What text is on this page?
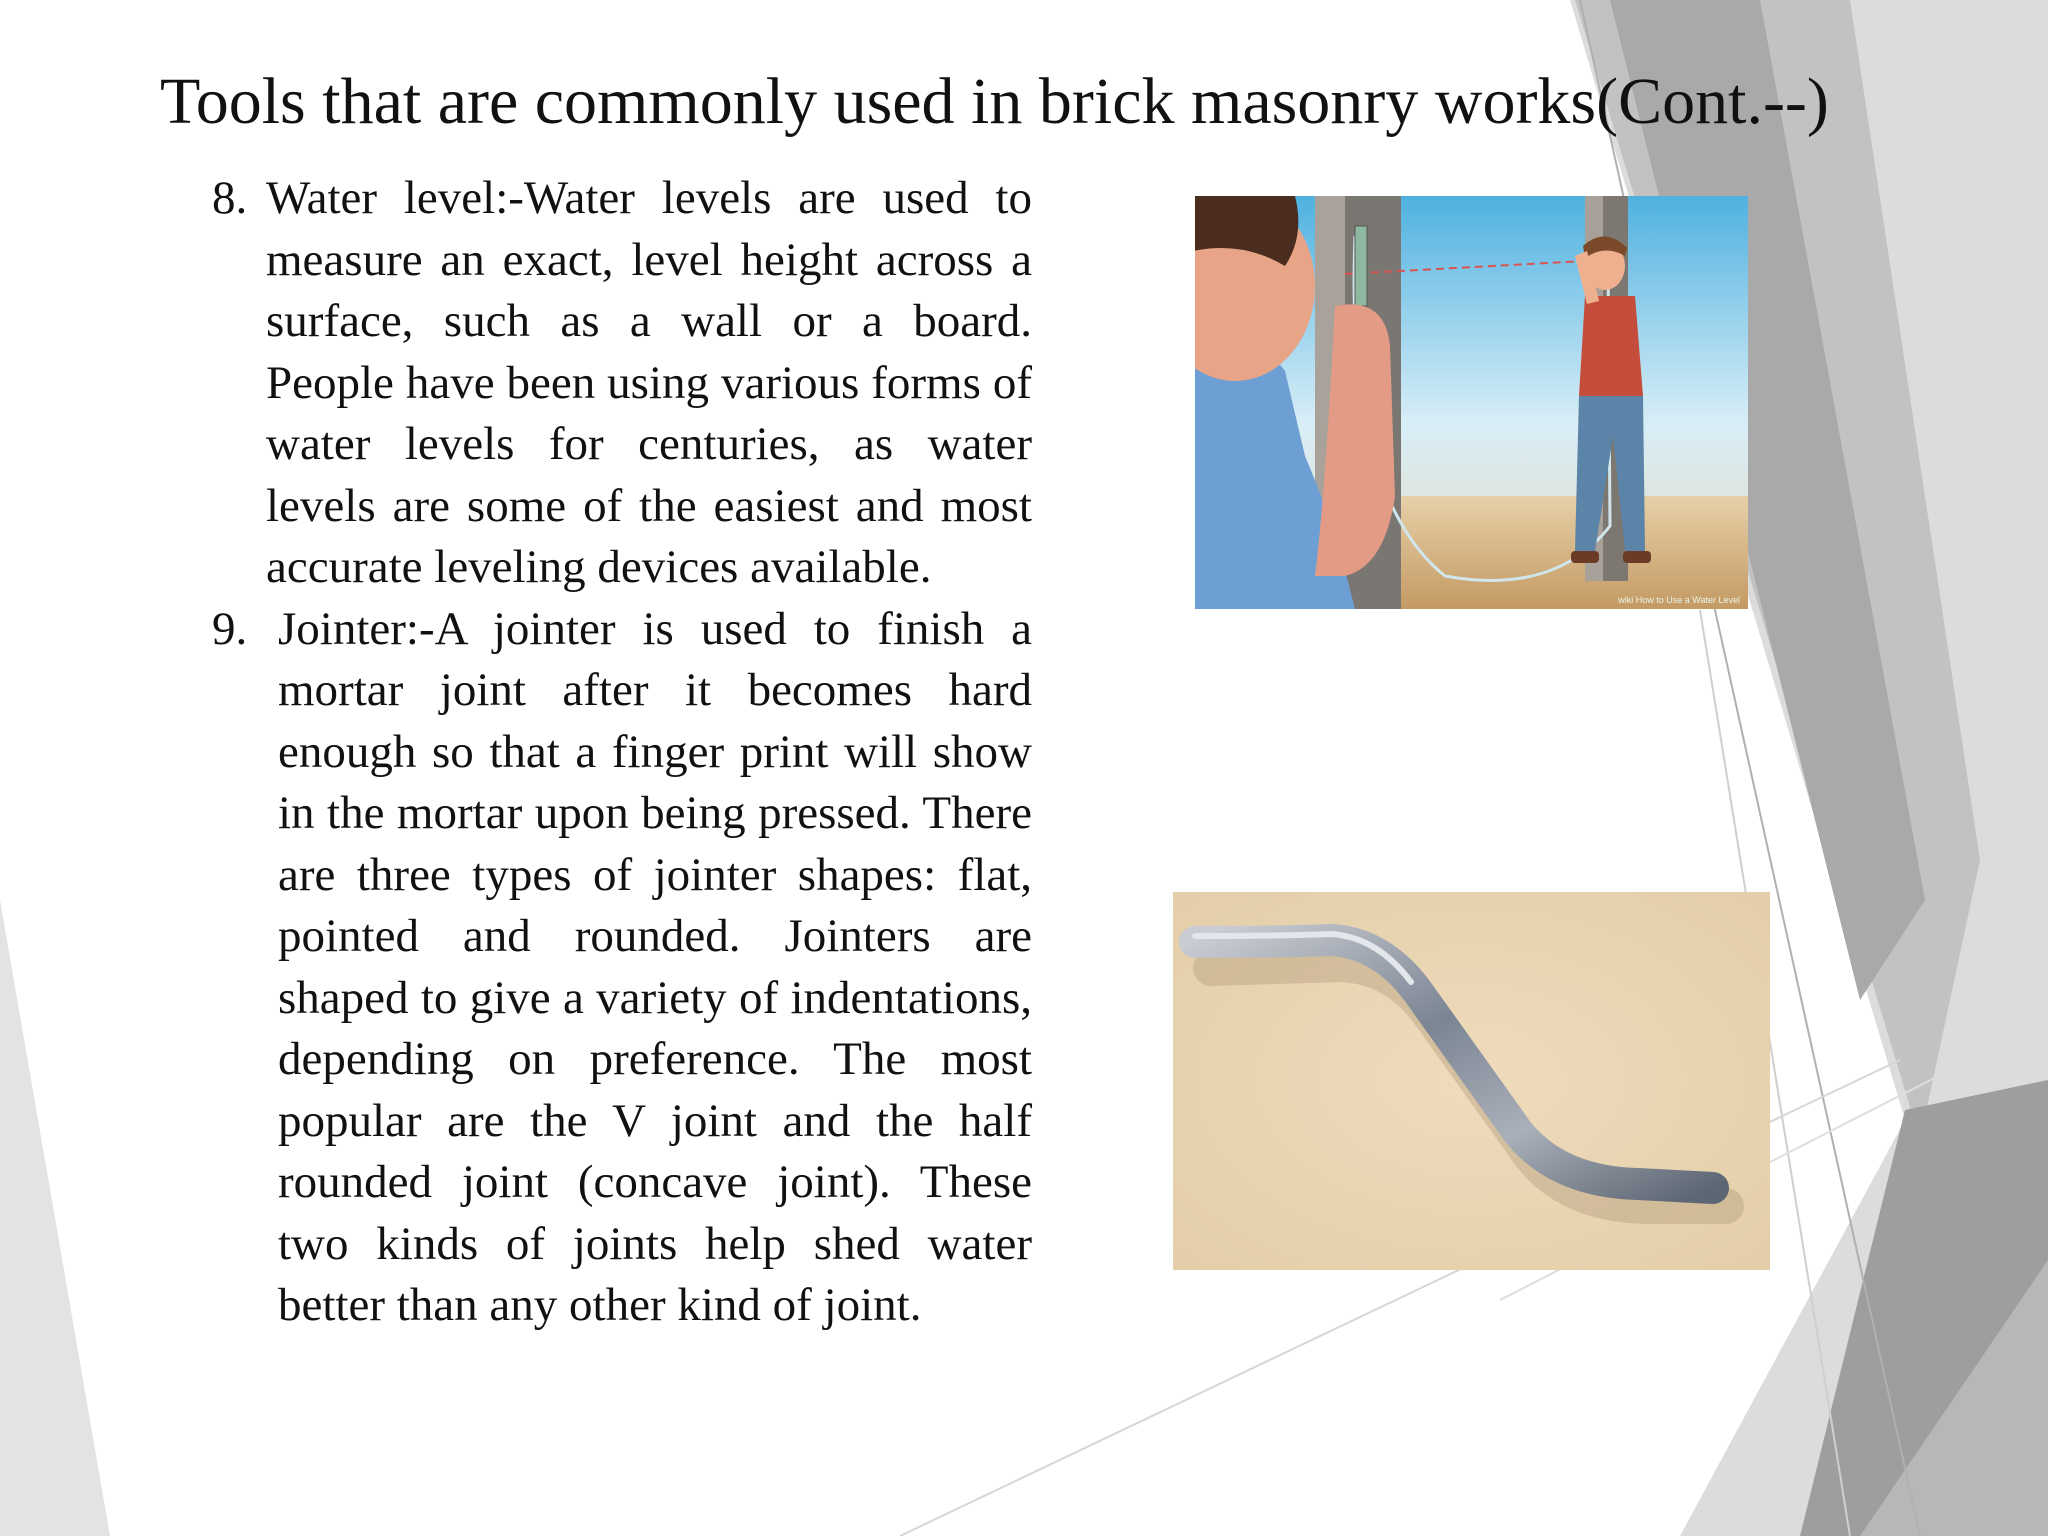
Tools that are commonly used in brick masonry works(Cont.--)
8. Water level:-Water levels are used to measure an exact, level height across a surface, such as a wall or a board. People have been using various forms of water levels for centuries, as water levels are some of the easiest and most accurate leveling devices available.
9. Jointer:-A jointer is used to finish a mortar joint after it becomes hard enough so that a finger print will show in the mortar upon being pressed. There are three types of jointer shapes: flat, pointed and rounded. Jointers are shaped to give a variety of indentations, depending on preference. The most popular are the V joint and the half rounded joint (concave joint). These two kinds of joints help shed water better than any other kind of joint.
wiki How to Use a Water Level
